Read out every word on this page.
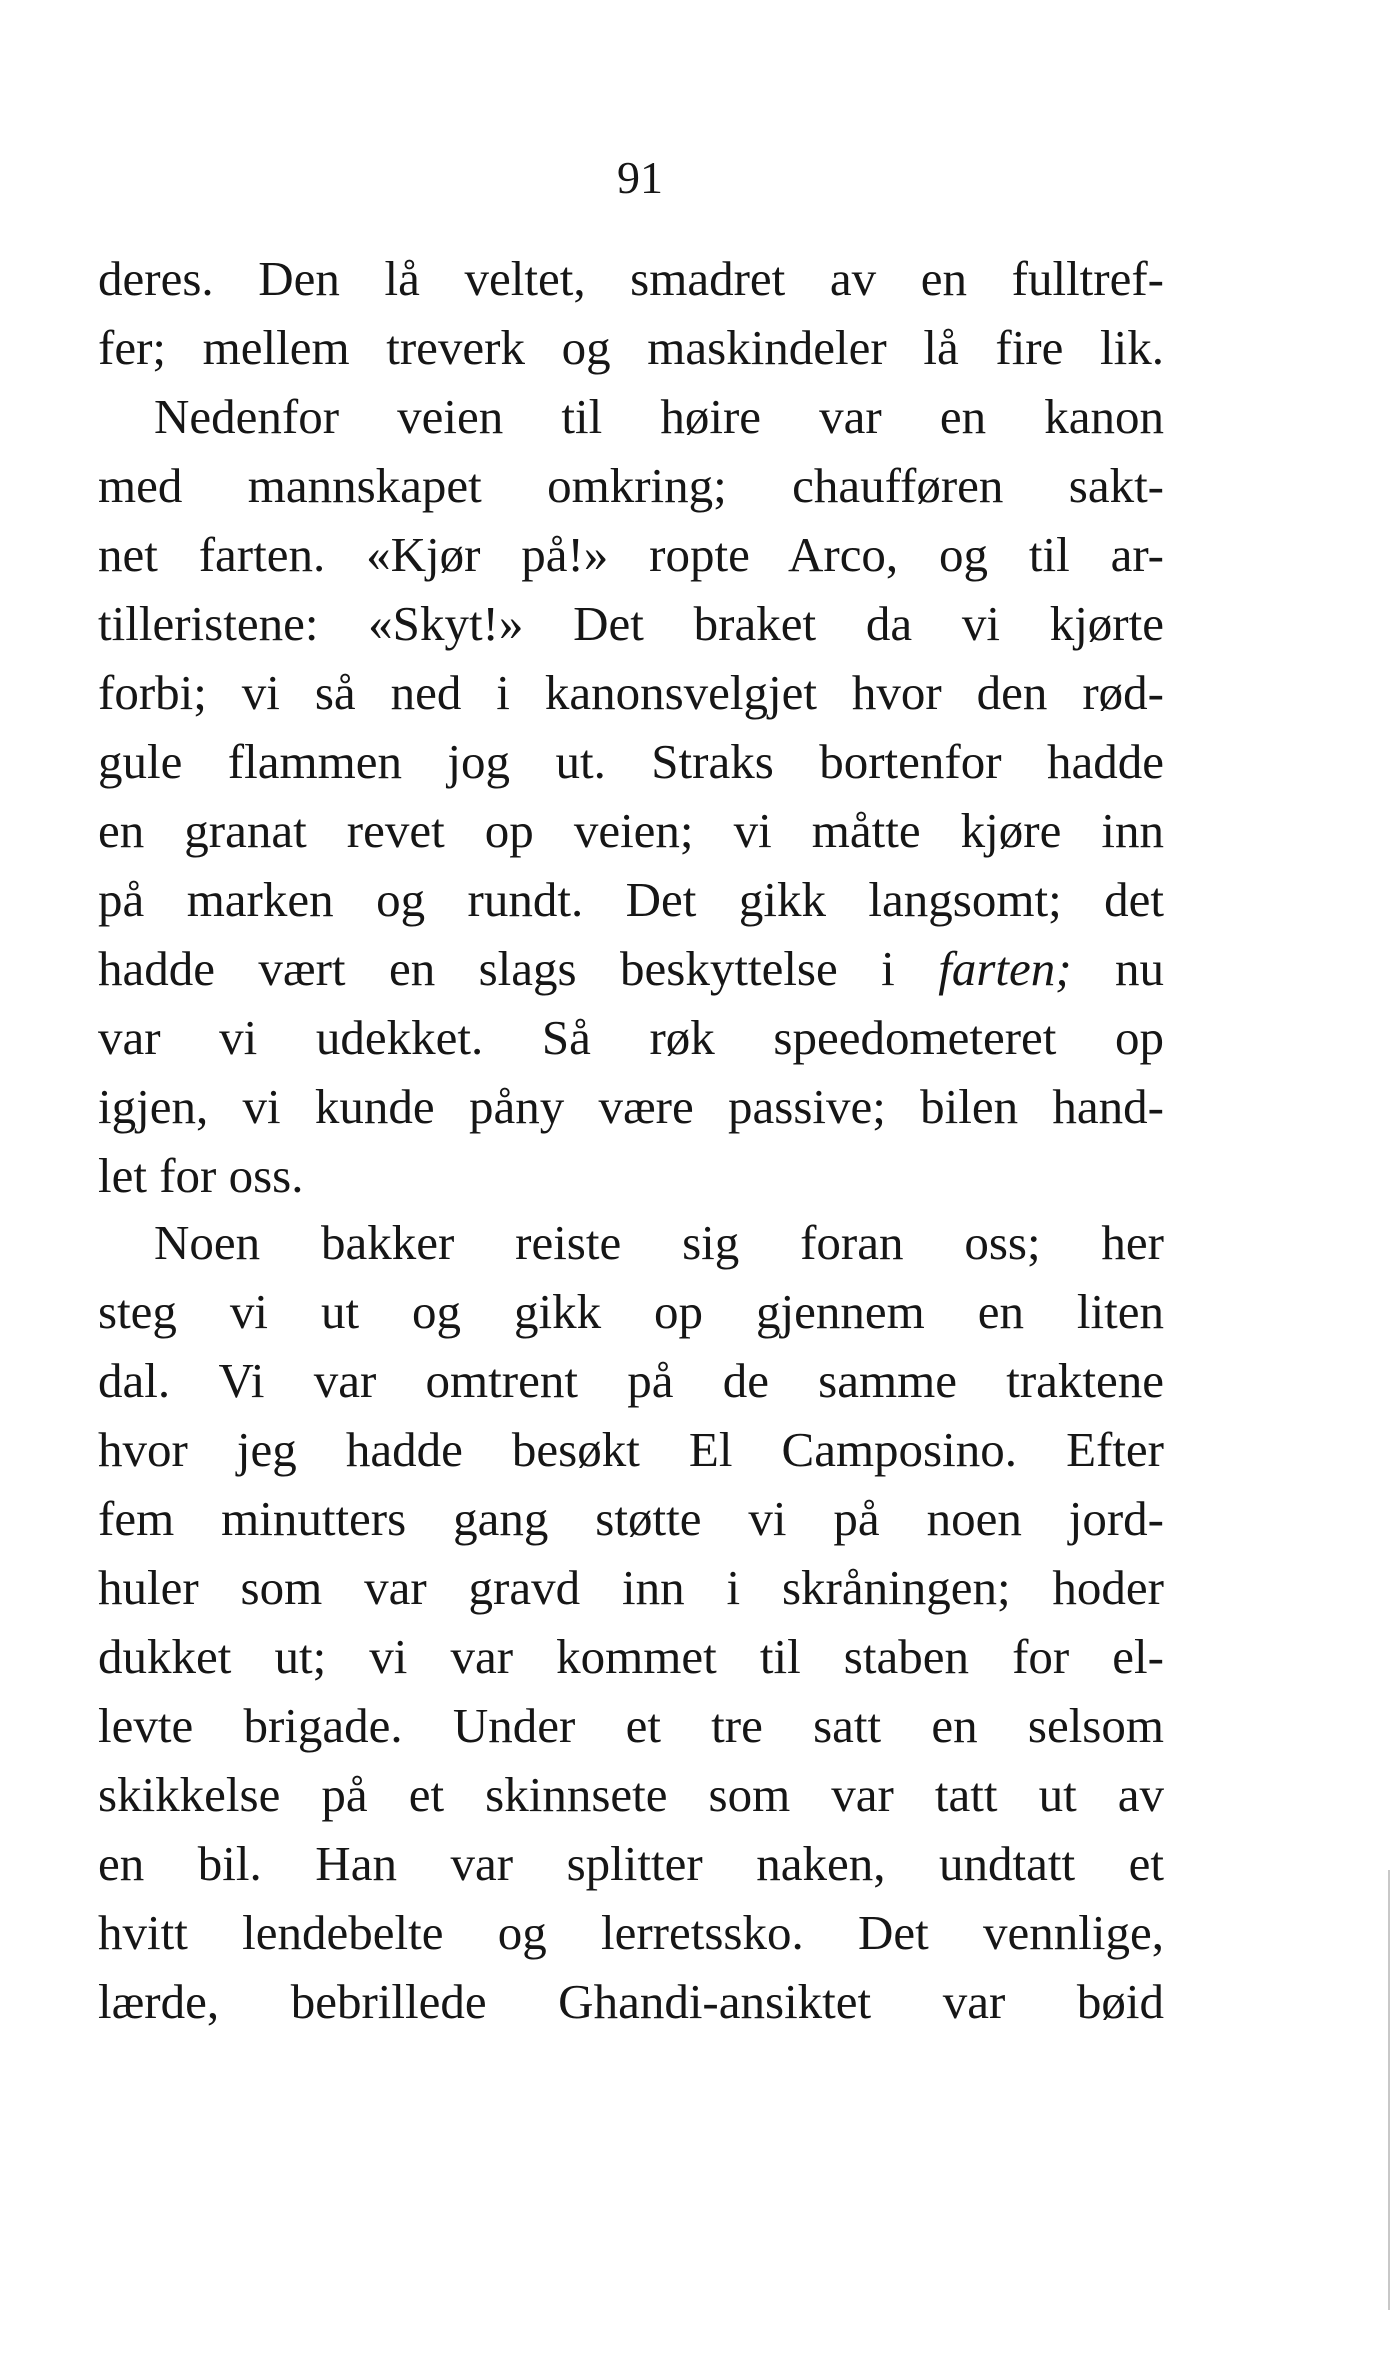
91
deres. Den lå veltet, smadret av en fulltref-
fer; mellem treverk og maskindeler lå fire lik.
Nedenfor veien til høire var en kanon
med mannskapet omkring; chaufføren sakt-
net farten. «Kjør på!» ropte Arco, og til ar-
tilleristene: «Skyt!» Det braket da vi kjørte
forbi; vi så ned i kanonsvelgjet hvor den rød-
gule flammen jog ut. Straks bortenfor hadde
en granat revet op veien; vi måtte kjøre inn
på marken og rundt. Det gikk langsomt; det
hadde vært en slags beskyttelse i farten; nu
var vi udekket. Så røk speedometeret op
igjen, vi kunde påny være passive; bilen hand-
let for oss.
Noen bakker reiste sig foran oss; her
steg vi ut og gikk op gjennem en liten
dal. Vi var omtrent på de samme traktene
hvor jeg hadde besøkt El Camposino. Efter
fem minutters gang støtte vi på noen jord-
huler som var gravd inn i skråningen; hoder
dukket ut; vi var kommet til staben for el-
levte brigade. Under et tre satt en selsom
skikkelse på et skinnsete som var tatt ut av
en bil. Han var splitter naken, undtatt et
hvitt lendebelte og lerretssko. Det vennlige,
lærde, bebrillede Ghandi-ansiktet var bøid
